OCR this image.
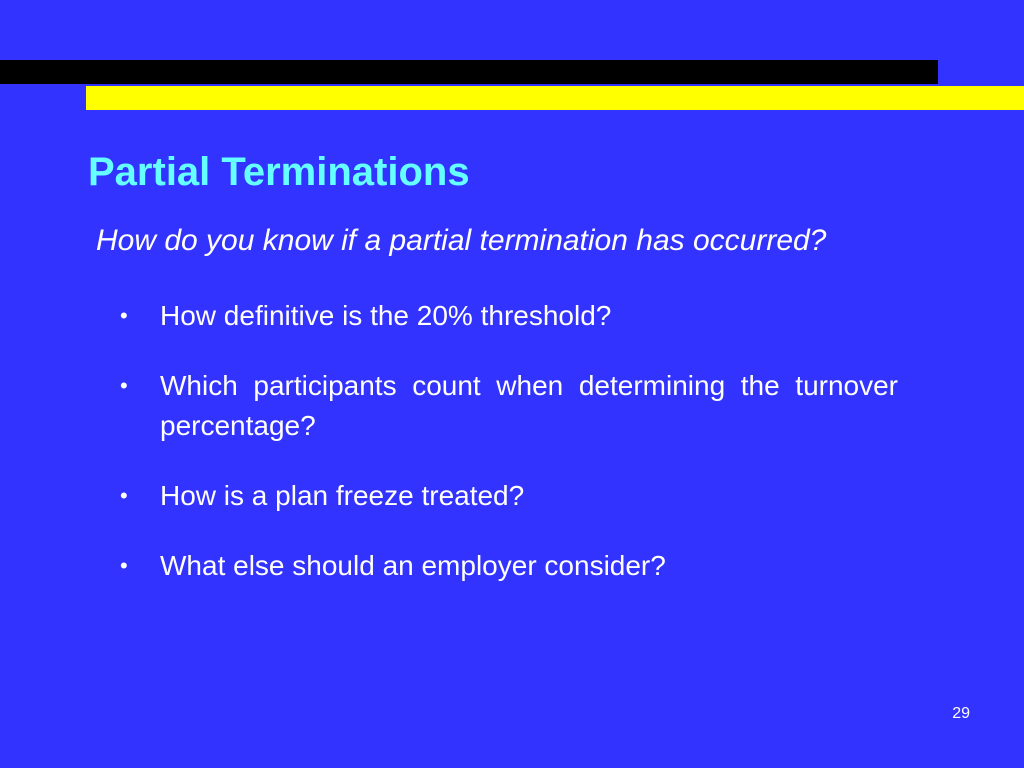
Partial Terminations

How do you know if a partial termination has occurred?

•	How definitive is the 20% threshold?
•	Which participants count when determining the turnover percentage?
•	How is a plan freeze treated?
•	What else should an employer consider?
29
